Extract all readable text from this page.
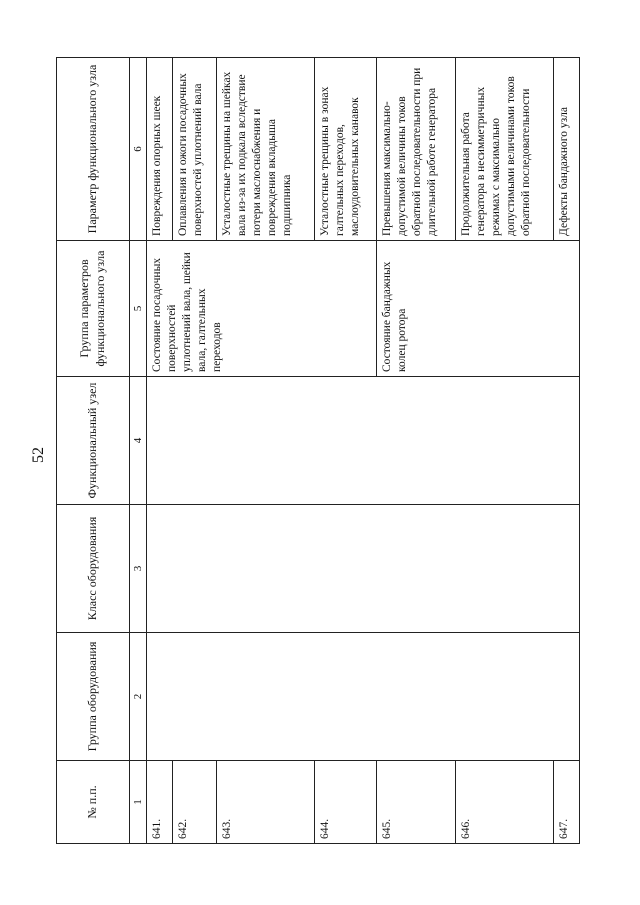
52
№ п.п.	Группа оборудования	Класс оборудования	Функциональный узел	Группа параметров функционального узла	Параметр функционального узла
1	2	3	4	5	6
641.				Состояние посадочных поверхностей уплотнений вала, шейки вала, галтельных переходов	Повреждения опорных шеек
642.					Оплавления и ожоги посадочных поверхностей уплотнений вала
643.					Усталостные трещины на шейках вала из-за их подкала вследствие потери маслоснабжения и повреждения вкладыша подшипника
644.					Усталостные трещины в зонах галтельных переходов, маслоудовительных канавок
645.				Состояние бандажных колец ротора	Превышения максимально-допустимой величины токов обратной последовательности при длительной работе генератора
646.					Продолжительная работа генератора в несимметричных режимах с максимально допустимыми величинами токов обратной последовательности
647.					Дефекты бандажного узла
